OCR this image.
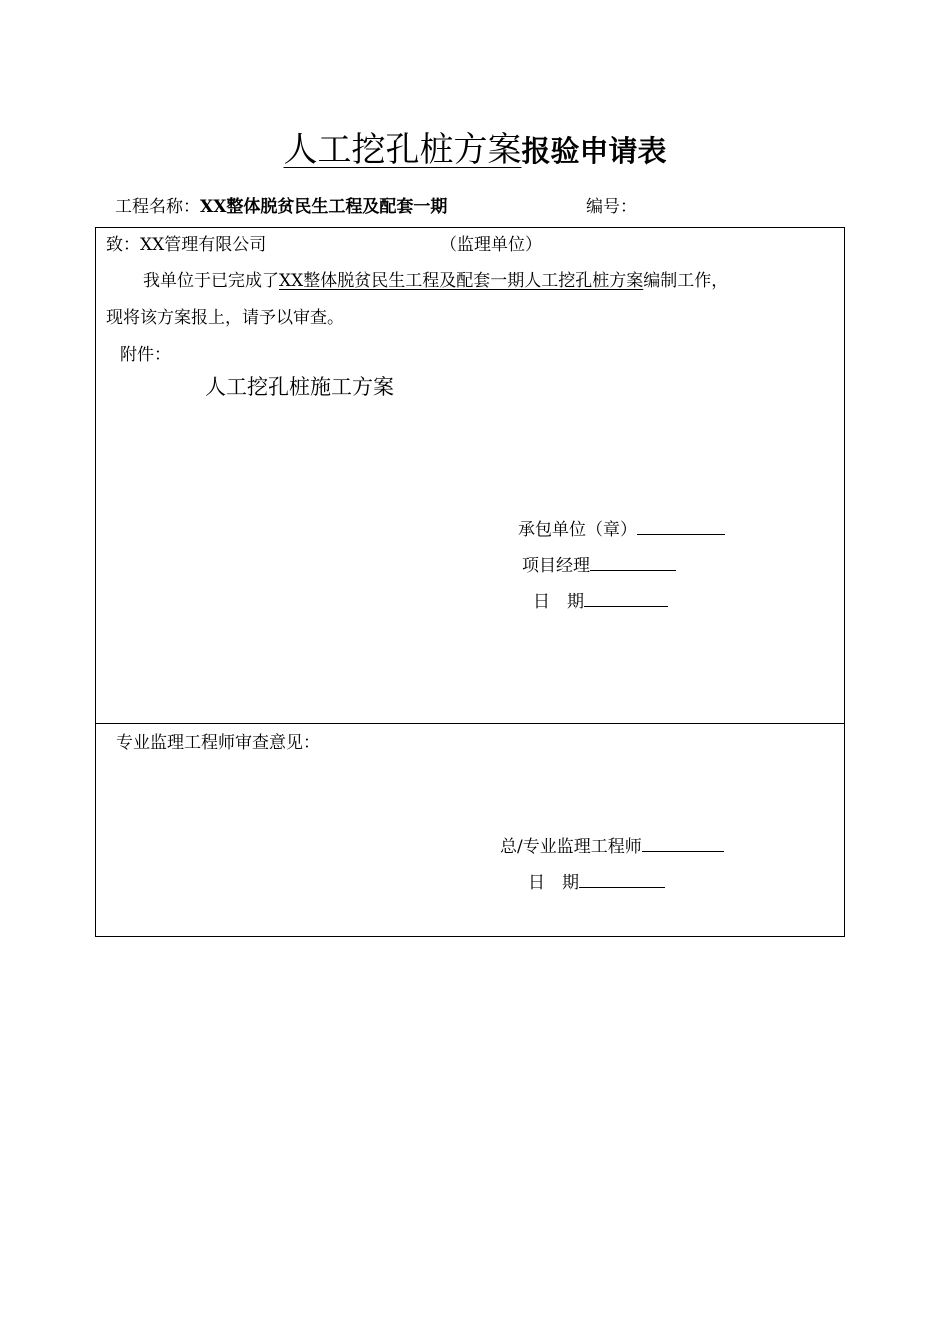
人工挖孔桩方案报验申请表
工程名称：XX整体脱贫民生工程及配套一期	编号：
致：XX管理有限公司	（监理单位）
我单位于已完成了XX整体脱贫民生工程及配套一期人工挖孔桩方案编制工作，
现将该方案报上，请予以审查。
附件：
人工挖孔桩施工方案
承包单位（章）
项目经理
日　期
专业监理工程师审查意见：
总/专业监理工程师
日　期
